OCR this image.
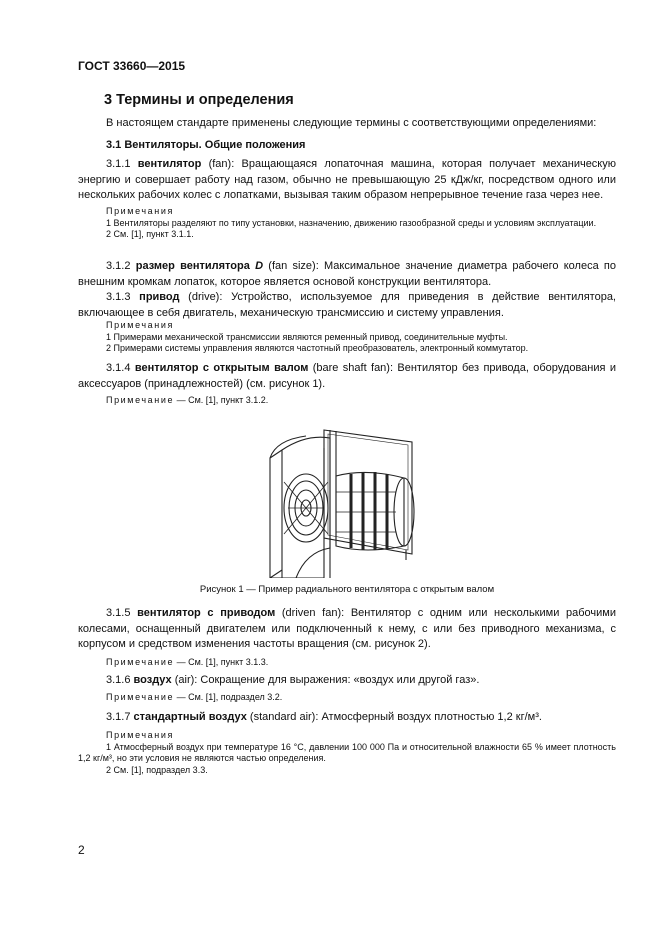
ГОСТ 33660—2015
3 Термины и определения
В настоящем стандарте применены следующие термины с соответствующими определениями:
3.1 Вентиляторы. Общие положения
3.1.1 вентилятор (fan): Вращающаяся лопаточная машина, которая получает механическую энергию и совершает работу над газом, обычно не превышающую 25 кДж/кг, посредством одного или нескольких рабочих колес с лопатками, вызывая таким образом непрерывное течение газа через нее.
Примечания
1 Вентиляторы разделяют по типу установки, назначению, движению газообразной среды и условиям эксплуатации.
2 См. [1], пункт 3.1.1.
3.1.2 размер вентилятора D (fan size): Максимальное значение диаметра рабочего колеса по внешним кромкам лопаток, которое является основой конструкции вентилятора.
3.1.3 привод (drive): Устройство, используемое для приведения в действие вентилятора, включающее в себя двигатель, механическую трансмиссию и систему управления.
Примечания
1 Примерами механической трансмиссии являются ременный привод, соединительные муфты.
2 Примерами системы управления являются частотный преобразователь, электронный коммутатор.
3.1.4 вентилятор с открытым валом (bare shaft fan): Вентилятор без привода, оборудования и аксессуаров (принадлежностей) (см. рисунок 1).
Примечание — См. [1], пункт 3.1.2.
Рисунок 1 — Пример радиального вентилятора с открытым валом
3.1.5 вентилятор с приводом (driven fan): Вентилятор с одним или несколькими рабочими колесами, оснащенный двигателем или подключенный к нему, с или без приводного механизма, с корпусом и средством изменения частоты вращения (см. рисунок 2).
Примечание — См. [1], пункт 3.1.3.
3.1.6 воздух (air): Сокращение для выражения: «воздух или другой газ».
Примечание — См. [1], подраздел 3.2.
3.1.7 стандартный воздух (standard air): Атмосферный воздух плотностью 1,2 кг/м³.
Примечания
1 Атмосферный воздух при температуре 16 °С, давлении 100 000 Па и относительной влажности 65 % имеет плотность 1,2 кг/м³, но эти условия не являются частью определения.
2 См. [1], подраздел 3.3.
2
